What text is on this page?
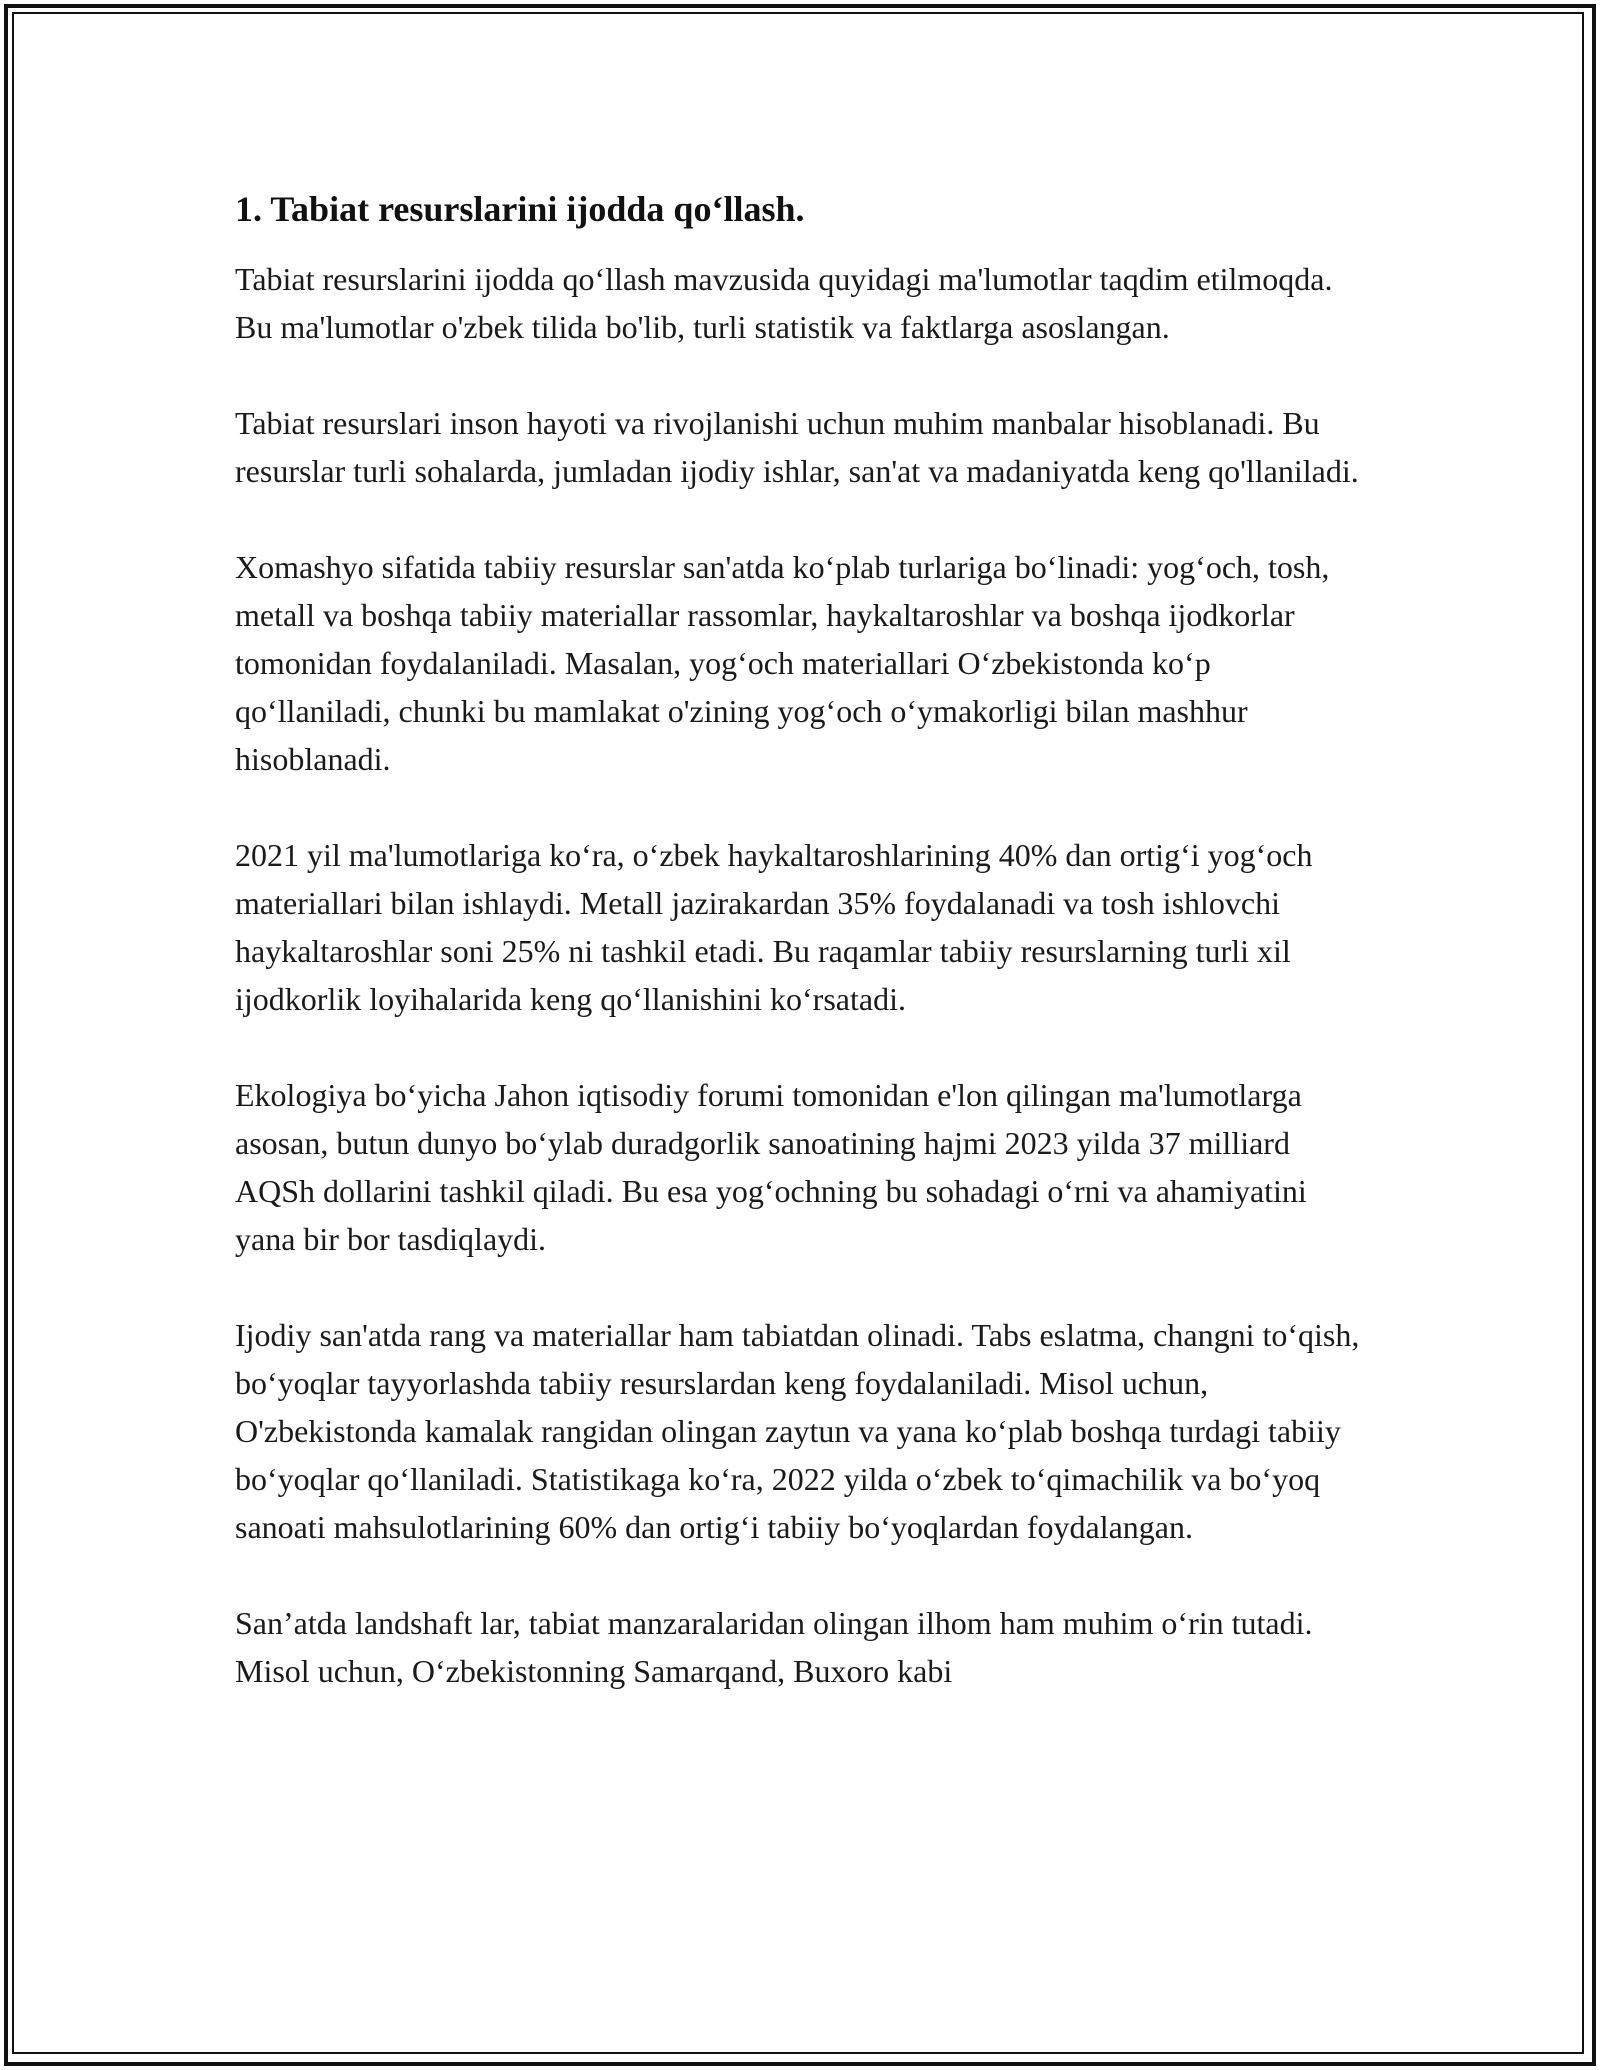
1. Tabiat resurslarini ijodda qo‘llash.

Tabiat resurslarini ijodda qo‘llash mavzusida quyidagi ma'lumotlar taqdim etilmoqda. Bu ma'lumotlar o'zbek tilida bo'lib, turli statistik va faktlarga asoslangan.

Tabiat resurslari inson hayoti va rivojlanishi uchun muhim manbalar hisoblanadi. Bu resurslar turli sohalarda, jumladan ijodiy ishlar, san'at va madaniyatda keng qo'llaniladi.

Xomashyo sifatida tabiiy resurslar san'atda ko‘plab turlariga bo‘linadi: yog‘och, tosh, metall va boshqa tabiiy materiallar rassomlar, haykaltaroshlar va boshqa ijodkorlar tomonidan foydalaniladi. Masalan, yog‘och materiallari O‘zbekistonda ko‘p qo‘llaniladi, chunki bu mamlakat o'zining yog‘och o‘ymakorligi bilan mashhur hisoblanadi.

2021 yil ma'lumotlariga ko‘ra, o‘zbek haykaltaroshlarining 40% dan ortig‘i yog‘och materiallari bilan ishlaydi. Metall jazirakardan 35% foydalanadi va tosh ishlovchi haykaltaroshlar soni 25% ni tashkil etadi. Bu raqamlar tabiiy resurslarning turli xil ijodkorlik loyihalarida keng qo‘llanishini ko‘rsatadi.

Ekologiya bo‘yicha Jahon iqtisodiy forumi tomonidan e'lon qilingan ma'lumotlarga asosan, butun dunyo bo‘ylab duradgorlik sanoatining hajmi 2023 yilda 37 milliard AQSh dollarini tashkil qiladi. Bu esa yog‘ochning bu sohadagi o‘rni va ahamiyatini yana bir bor tasdiqlaydi.

Ijodiy san'atda rang va materiallar ham tabiatdan olinadi. Tabs eslatma, changni to‘qish, bo‘yoqlar tayyorlashda tabiiy resurslardan keng foydalaniladi. Misol uchun, O'zbekistonda kamalak rangidan olingan zaytun va yana ko‘plab boshqa turdagi tabiiy bo‘yoqlar qo‘llaniladi. Statistikaga ko‘ra, 2022 yilda o‘zbek to‘qimachilik va bo‘yoq sanoati mahsulotlarining 60% dan ortig‘i tabiiy bo‘yoqlardan foydalangan.

San’atda landshaft lar, tabiat manzaralaridan olingan ilhom ham muhim o‘rin tutadi. Misol uchun, O‘zbekistonning Samarqand, Buxoro kabi
